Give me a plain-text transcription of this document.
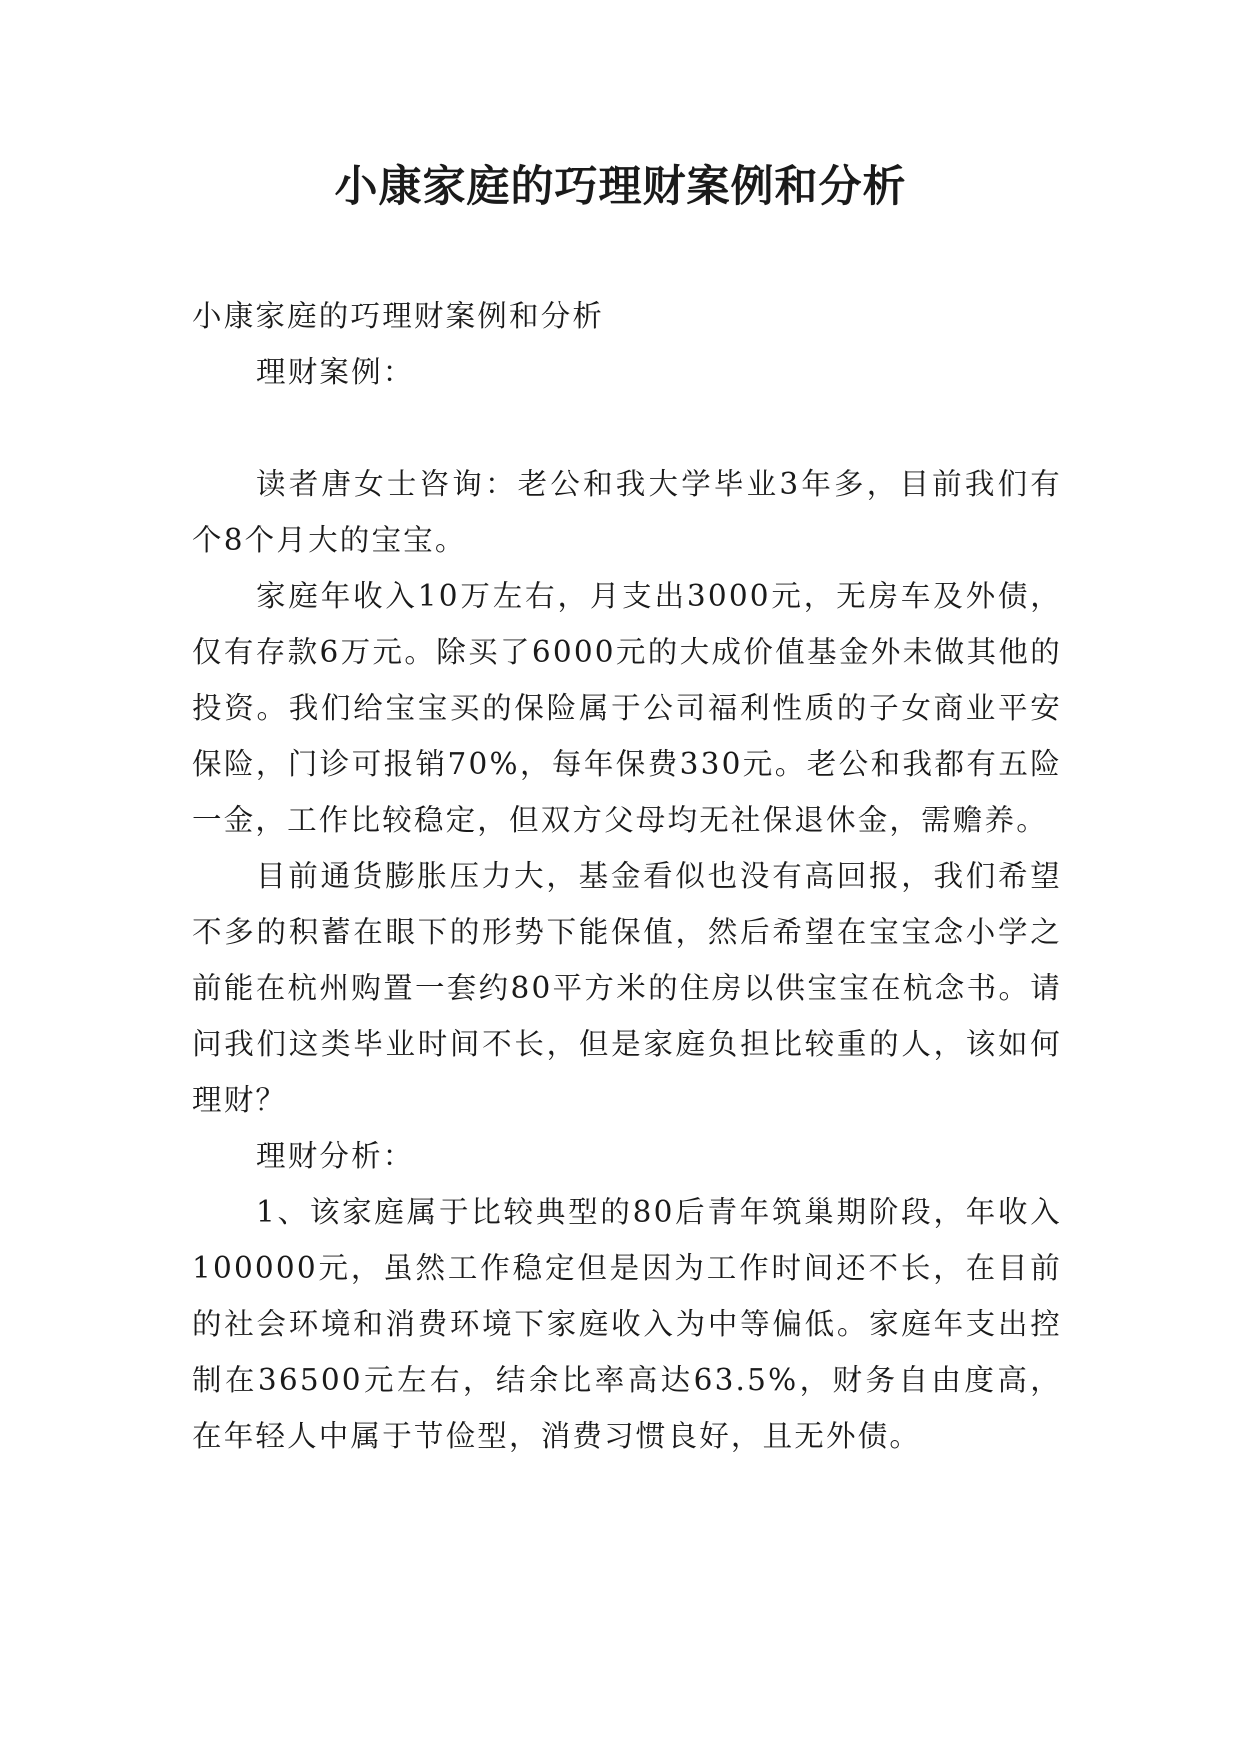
小康家庭的巧理财案例和分析

小康家庭的巧理财案例和分析

理财案例：

读者唐女士咨询：老公和我大学毕业3年多，目前我们有个8个月大的宝宝。

家庭年收入10万左右，月支出3000元，无房车及外债，仅有存款6万元。除买了6000元的大成价值基金外未做其他的投资。我们给宝宝买的保险属于公司福利性质的子女商业平安保险，门诊可报销70%，每年保费330元。老公和我都有五险一金，工作比较稳定，但双方父母均无社保退休金，需赡养。

目前通货膨胀压力大，基金看似也没有高回报，我们希望不多的积蓄在眼下的形势下能保值，然后希望在宝宝念小学之前能在杭州购置一套约80平方米的住房以供宝宝在杭念书。请问我们这类毕业时间不长，但是家庭负担比较重的人，该如何理财？

理财分析：

1、该家庭属于比较典型的80后青年筑巢期阶段，年收入100000元，虽然工作稳定但是因为工作时间还不长，在目前的社会环境和消费环境下家庭收入为中等偏低。家庭年支出控制在36500元左右，结余比率高达63.5%，财务自由度高，在年轻人中属于节俭型，消费习惯良好，且无外债。
